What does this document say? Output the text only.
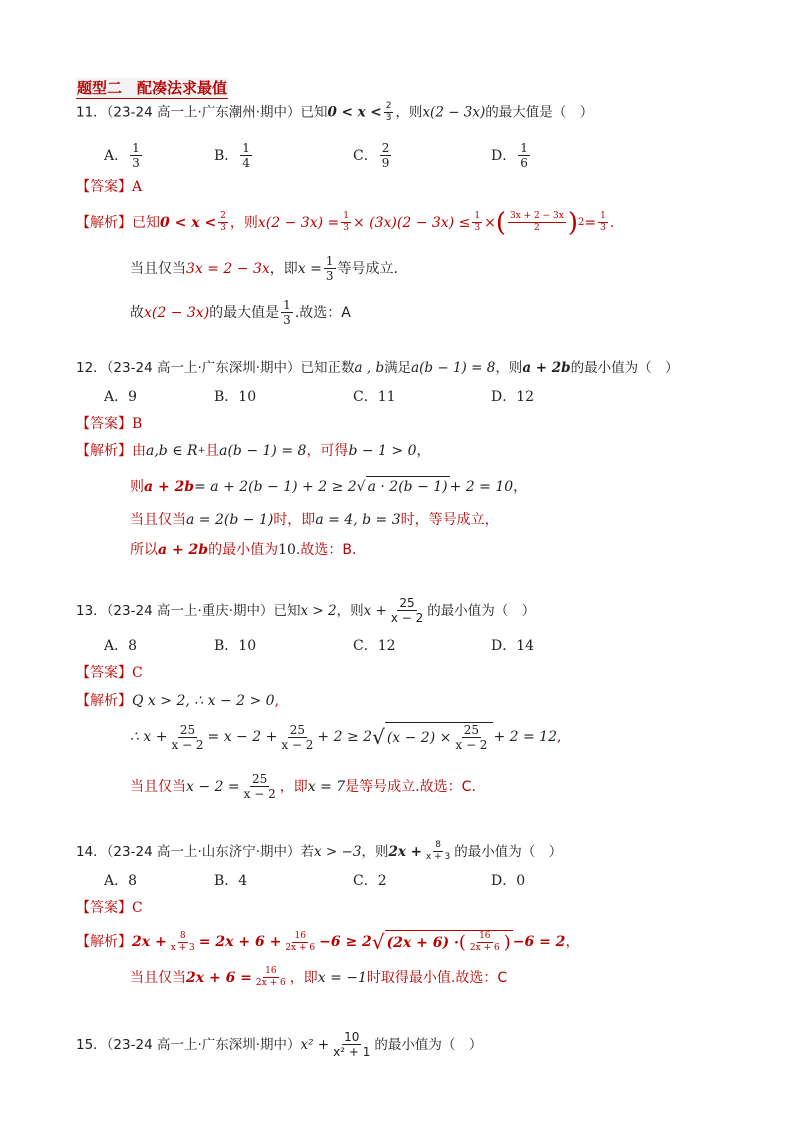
题型二　配凑法求最值
11．（23-24 高一上·广东潮州·期中）已知$0 < x < \frac{2}{3}$ ，则x(2 − 3x)的最大值是（　）
A． $\frac{1}{3}$	B． $\frac{1}{4}$	C． $\frac{2}{9}$	D． $\frac{1}{6}$
【答案】A
【解析】 已知 $0 < x < \frac{2}{3}$ ，则 $x(2 - 3x) = \frac{1}{3} \times (3x)(2 - 3x) \le \frac{1}{3}$ × ( $\frac{3x + 2 - 3x}{2}$ ) $2 = \frac{1}{3}$ .
当且仅当 3x = 2 − 3x ，即 $x = \frac{1}{3}$ 等号成立.
故 x(2 − 3x) 的最大值是 $\frac{1}{3}$ .故选：A
12．（23-24 高一上·广东深圳·期中）已知正数a , b满足a(b − 1) = 8，则a + 2b的最小值为（　）
A． 9	B． 10	C． 11	D． 12
【答案】B
【解析】 由 a,b ∈ R + 且 a(b − 1) = 8 ，可得 b − 1 > 0 ，
则 a + 2b = a + 2(b − 1) + 2 ≥ 2 √ a · 2(b − 1) + 2 = 10 ，
当且仅当 a = 2(b − 1) 时，即 a = 4, b = 3 时，等号成立，
所以 a + 2b 的最小值为 10 .故选：B.
13．（23-24 高一上·重庆·期中）已知 x > 2 ，则 $x + \frac{25}{x - 2}$ 的最小值为（　）
A． 8	B． 10	C． 12	D． 14
【答案】C
【解析】 Q x > 2, ∴ x − 2 > 0 ,
∴ $x + \frac{25}{x - 2} = x - 2 + \frac{25}{x - 2} + 2 \ge 2$ √ $(x - 2) \times \frac{25}{x - 2} + 2 = 12$ ,
当且仅当 $x - 2 = \frac{25}{x - 2}$ ，即 x = 7 是等号成立.故选：C.
14．（23-24 高一上·山东济宁·期中）若 x > −3 ，则 $2x + \frac{8}{x + 3}$ 的最小值为（　）
A． 8	B． 4	C． 2	D． 0
【答案】C
【解析】 $2x + \frac{8}{x + 3} = 2x + 6 + \frac{16}{2x + 6} -6 \ge 2$ √ (2x + 6) · ( $\frac{16}{2x + 6}$ ) −6 = 2 ，
当且仅当 $2x + 6 = \frac{16}{2x + 6}$ ，即 x = −1 时取得最小值.故选：C
15．（23-24 高一上·广东深圳·期中） $x^2 + \frac{10}{\text{x² + 1}}$ 的最小值为（　）
